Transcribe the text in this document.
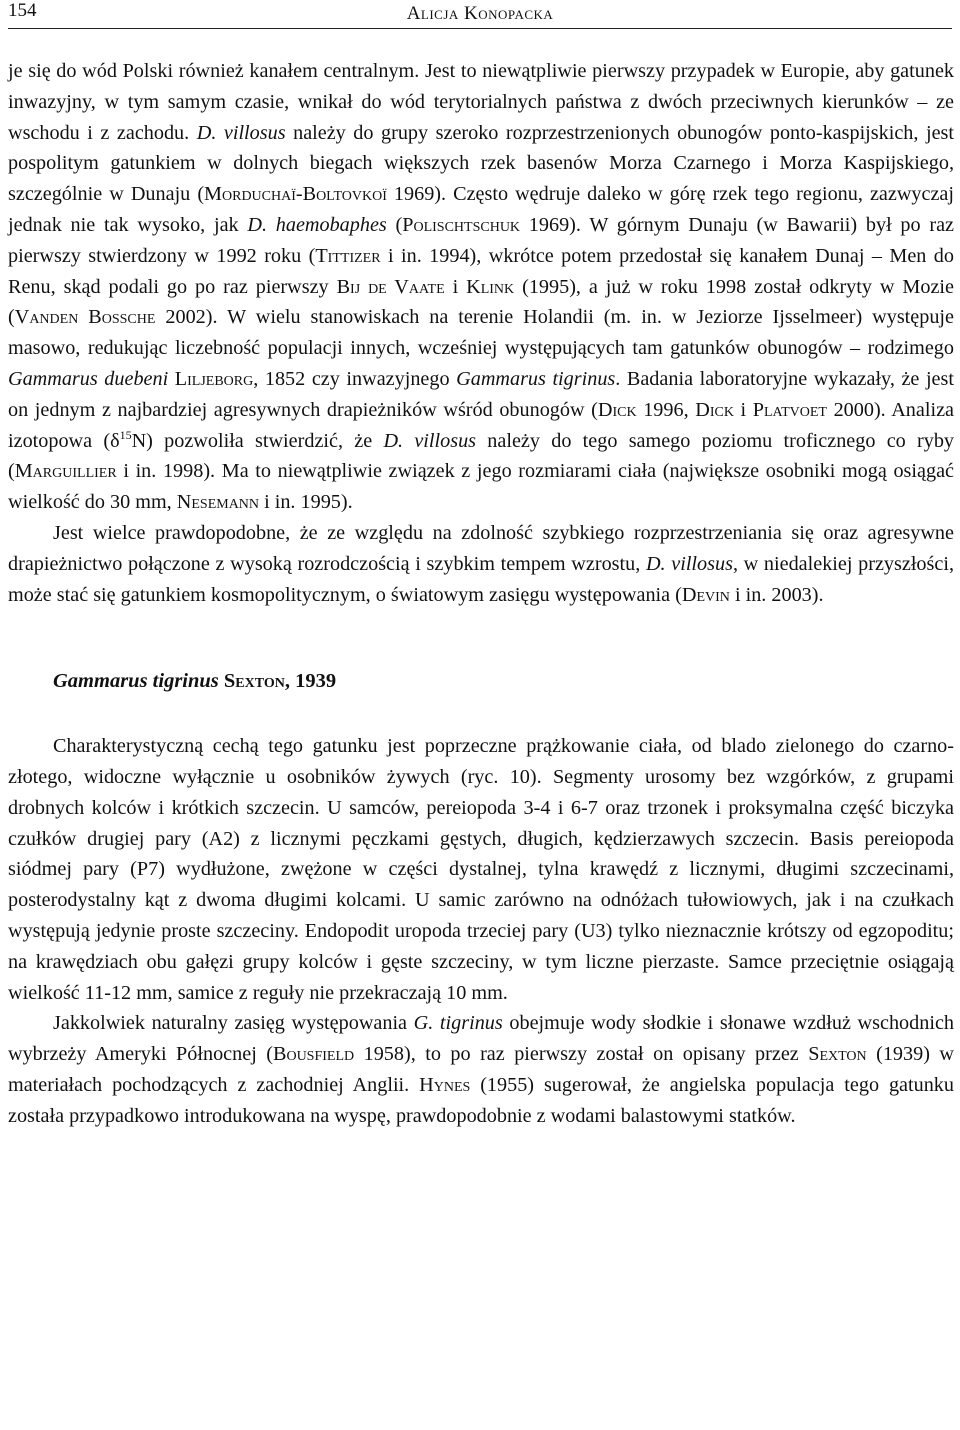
154	Alicja Konopacka

je się do wód Polski również kanałem centralnym. Jest to niewątpliwie pierwszy przypadek w Europie, aby gatunek inwazyjny, w tym samym czasie, wnikał do wód terytorialnych państwa z dwóch przeciwnych kierunków – ze wschodu i z zachodu. D. villosus należy do grupy szeroko rozprzestrzenionych obunogów ponto-kaspijskich, jest pospolitym gatunkiem w dolnych biegach większych rzek basenów Morza Czarnego i Morza Kaspijskiego, szczególnie w Dunaju (Morduchaï-Boltovkoï 1969). Często wędruje daleko w górę rzek tego regionu, zazwyczaj jednak nie tak wysoko, jak D. haemobaphes (Polischtschuk 1969). W górnym Dunaju (w Bawarii) był po raz pierwszy stwierdzony w 1992 roku (Tittizer i in. 1994), wkrótce potem przedostał się kanałem Dunaj – Men do Renu, skąd podali go po raz pierwszy Bij de Vaate i Klink (1995), a już w roku 1998 został odkryty w Mozie (Vanden Bossche 2002). W wielu stanowiskach na terenie Holandii (m. in. w Jeziorze Ijsselmeer) występuje masowo, redukując liczebność populacji innych, wcześniej występujących tam gatunków obunogów – rodzimego Gammarus duebeni Liljeborg, 1852 czy inwazyjnego Gammarus tigrinus. Badania laboratoryjne wykazały, że jest on jednym z najbardziej agresywnych drapieżników wśród obunogów (Dick 1996, Dick i Platvoet 2000). Analiza izotopowa $(\delta^{15}N)$ pozwoliła stwierdzić, że D. villosus należy do tego samego poziomu troficznego co ryby (Marguillier i in. 1998). Ma to niewątpliwie związek z jego rozmiarami ciała (największe osobniki mogą osiągać wielkość do 30 mm, Nesemann i in. 1995).

Jest wielce prawdopodobne, że ze względu na zdolność szybkiego rozprzestrzeniania się oraz agresywne drapieżnictwo połączone z wysoką rozrodczością i szybkim tempem wzrostu, D. villosus, w niedalekiej przyszłości, może stać się gatunkiem kosmopolitycznym, o światowym zasięgu występowania (Devin i in. 2003).

Gammarus tigrinus Sexton, 1939

Charakterystyczną cechą tego gatunku jest poprzeczne prążkowanie ciała, od blado zielonego do czarno-złotego, widoczne wyłącznie u osobników żywych (ryc. 10). Segmenty urosomy bez wzgórków, z grupami drobnych kolców i krótkich szczecin. U samców, pereiopoda 3-4 i 6-7 oraz trzonek i proksymalna część biczyka czułków drugiej pary (A2) z licznymi pęczkami gęstych, długich, kędzierzawych szczecin. Basis pereiopoda siódmej pary (P7) wydłużone, zwężone w części dystalnej, tylna krawędź z licznymi, długimi szczecinami, posterodystalny kąt z dwoma długimi kolcami. U samic zarówno na odnóżach tułowiowych, jak i na czułkach występują jedynie proste szczeciny. Endopodit uropoda trzeciej pary (U3) tylko nieznacznie krótszy od egzopoditu; na krawędziach obu gałęzi grupy kolców i gęste szczeciny, w tym liczne pierzaste. Samce przeciętnie osiągają wielkość 11-12 mm, samice z reguły nie przekraczają 10 mm.

Jakkolwiek naturalny zasięg występowania G. tigrinus obejmuje wody słodkie i słonawe wzdłuż wschodnich wybrzeży Ameryki Północnej (Bousfield 1958), to po raz pierwszy został on opisany przez Sexton (1939) w materiałach pochodzących z zachodniej Anglii. Hynes (1955) sugerował, że angielska populacja tego gatunku została przypadkowo introdukowana na wyspę, prawdopodobnie z wodami balastowymi statków.
